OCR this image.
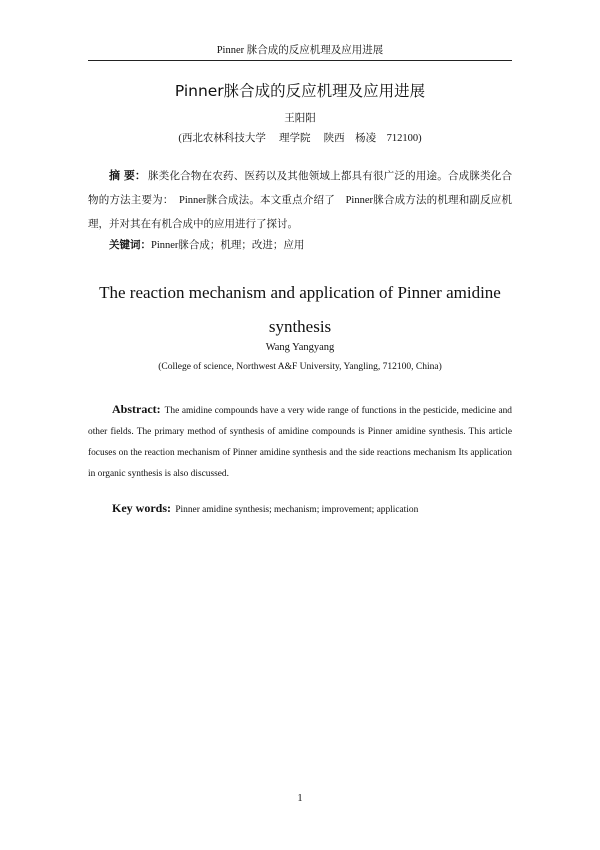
Pinner 脒合成的反应机理及应用进展
Pinner脒合成的反应机理及应用进展
王阳阳
(西北农林科技大学　 理学院　 陕西　杨凌　712100)
摘 要： 脒类化合物在农药、医药以及其他领域上都具有很广泛的用途。合成脒类化合物的方法主要为：　Pinner脒合成法。本文重点介绍了　Pinner脒合成方法的机理和副反应机理，并对其在有机合成中的应用进行了探讨。
关键词：Pinner脒合成；机理；改进；应用
The reaction mechanism and application of Pinner amidine synthesis
Wang Yangyang
(College of science, Northwest A&F University, Yangling, 712100, China)
Abstract: The amidine compounds have a very wide range of functions in the pesticide, medicine and other fields. The primary method of synthesis of amidine compounds is Pinner amidine synthesis. This article focuses on the reaction mechanism of Pinner amidine synthesis and the side reactions mechanism Its application in organic synthesis is also discussed.
Key words: Pinner amidine synthesis; mechanism; improvement; application
1
